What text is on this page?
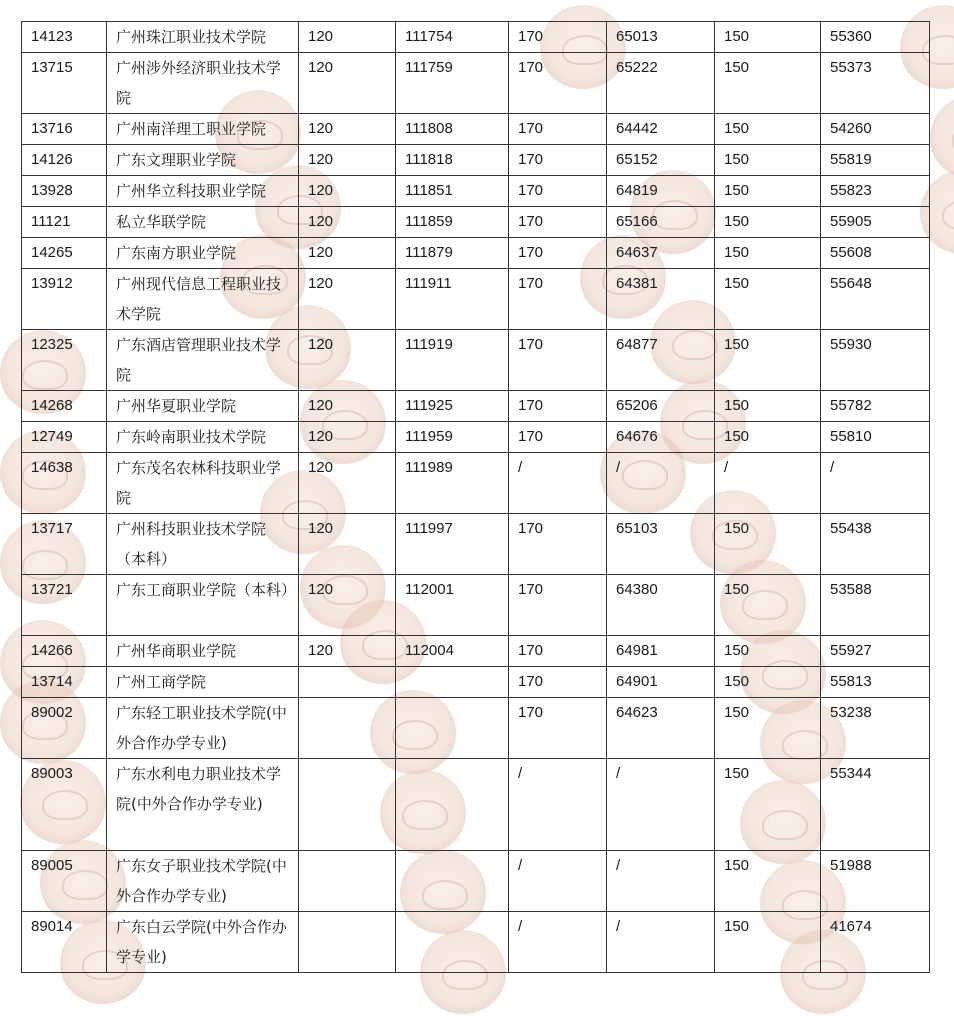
14123	广州珠江职业技术学院	120	111754	170	65013	150	55360
13715	广州涉外经济职业技术学院	120	111759	170	65222	150	55373
13716	广州南洋理工职业学院	120	111808	170	64442	150	54260
14126	广东文理职业学院	120	111818	170	65152	150	55819
13928	广州华立科技职业学院	120	111851	170	64819	150	55823
11121	私立华联学院	120	111859	170	65166	150	55905
14265	广东南方职业学院	120	111879	170	64637	150	55608
13912	广州现代信息工程职业技术学院	120	111911	170	64381	150	55648
12325	广东酒店管理职业技术学院	120	111919	170	64877	150	55930
14268	广州华夏职业学院	120	111925	170	65206	150	55782
12749	广东岭南职业技术学院	120	111959	170	64676	150	55810
14638	广东茂名农林科技职业学院	120	111989	/	/	/	/
13717	广州科技职业技术学院（本科）	120	111997	170	65103	150	55438
13721	广东工商职业学院（本科）	120	112001	170	64380	150	53588
14266	广州华商职业学院	120	112004	170	64981	150	55927
13714	广州工商学院			170	64901	150	55813
89002	广东轻工职业技术学院(中外合作办学专业)			170	64623	150	53238
89003	广东水利电力职业技术学院(中外合作办学专业)			/	/	150	55344
89005	广东女子职业技术学院(中外合作办学专业)			/	/	150	51988
89014	广东白云学院(中外合作办学专业)			/	/	150	41674
